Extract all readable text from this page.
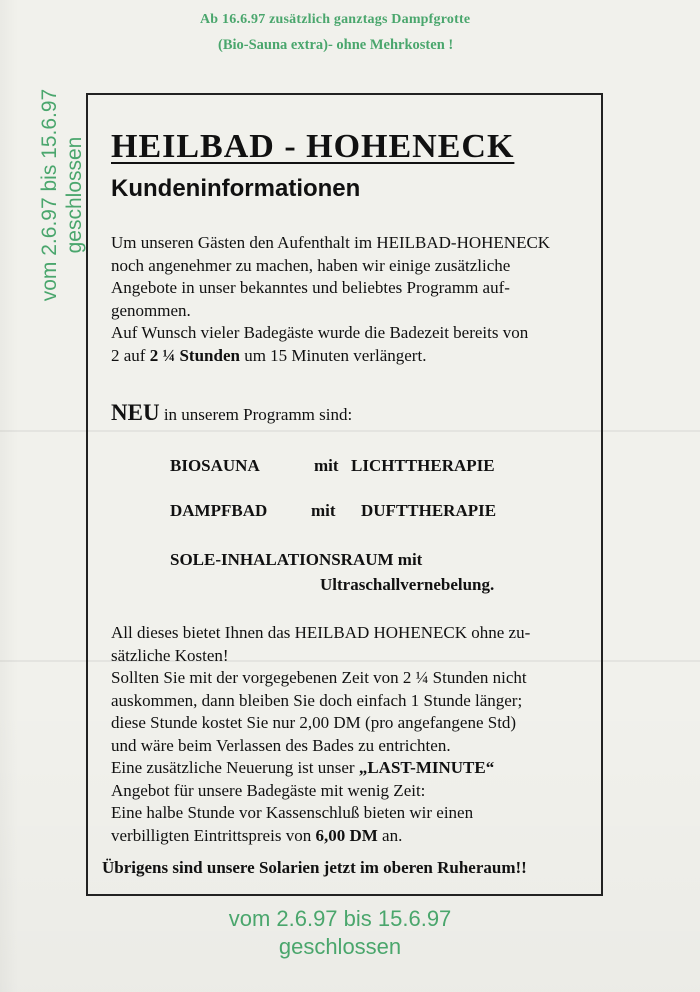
Ab 16.6.97 zusätzlich ganztags Dampfgrotte
(Bio-Sauna extra)- ohne Mehrkosten !
vom 2.6.97 bis 15.6.97 geschlossen HEILBAD - HOHENECK
Kundeninformationen
Um unseren Gästen den Aufenthalt im HEILBAD-HOHENECK
noch angenehmer zu machen, haben wir einige zusätzliche
Angebote in unser bekanntes und beliebtes Programm auf-
genommen.
Auf Wunsch vieler Badegäste wurde die Badezeit bereits von
2 auf 2 ¼ Stunden um 15 Minuten verlängert.
NEU in unserem Programm sind:
BIOSAUNA	mit LICHTTHERAPIE
DAMPFBAD	mit DUFTTHERAPIE
SOLE-INHALATIONSRAUM mit
Ultraschallvernebelung.
All dieses bietet Ihnen das HEILBAD HOHENECK ohne zu-
sätzliche Kosten!
Sollten Sie mit der vorgegebenen Zeit von 2 ¼ Stunden nicht
auskommen, dann bleiben Sie doch einfach 1 Stunde länger;
diese Stunde kostet Sie nur 2,00 DM (pro angefangene Std)
und wäre beim Verlassen des Bades zu entrichten.
Eine zusätzliche Neuerung ist unser „LAST-MINUTE“
Angebot für unsere Badegäste mit wenig Zeit:
Eine halbe Stunde vor Kassenschluß bieten wir einen
verbilligten Eintrittspreis von 6,00 DM an.
Übrigens sind unsere Solarien jetzt im oberen Ruheraum!!
vom 2.6.97 bis 15.6.97
geschlossen
